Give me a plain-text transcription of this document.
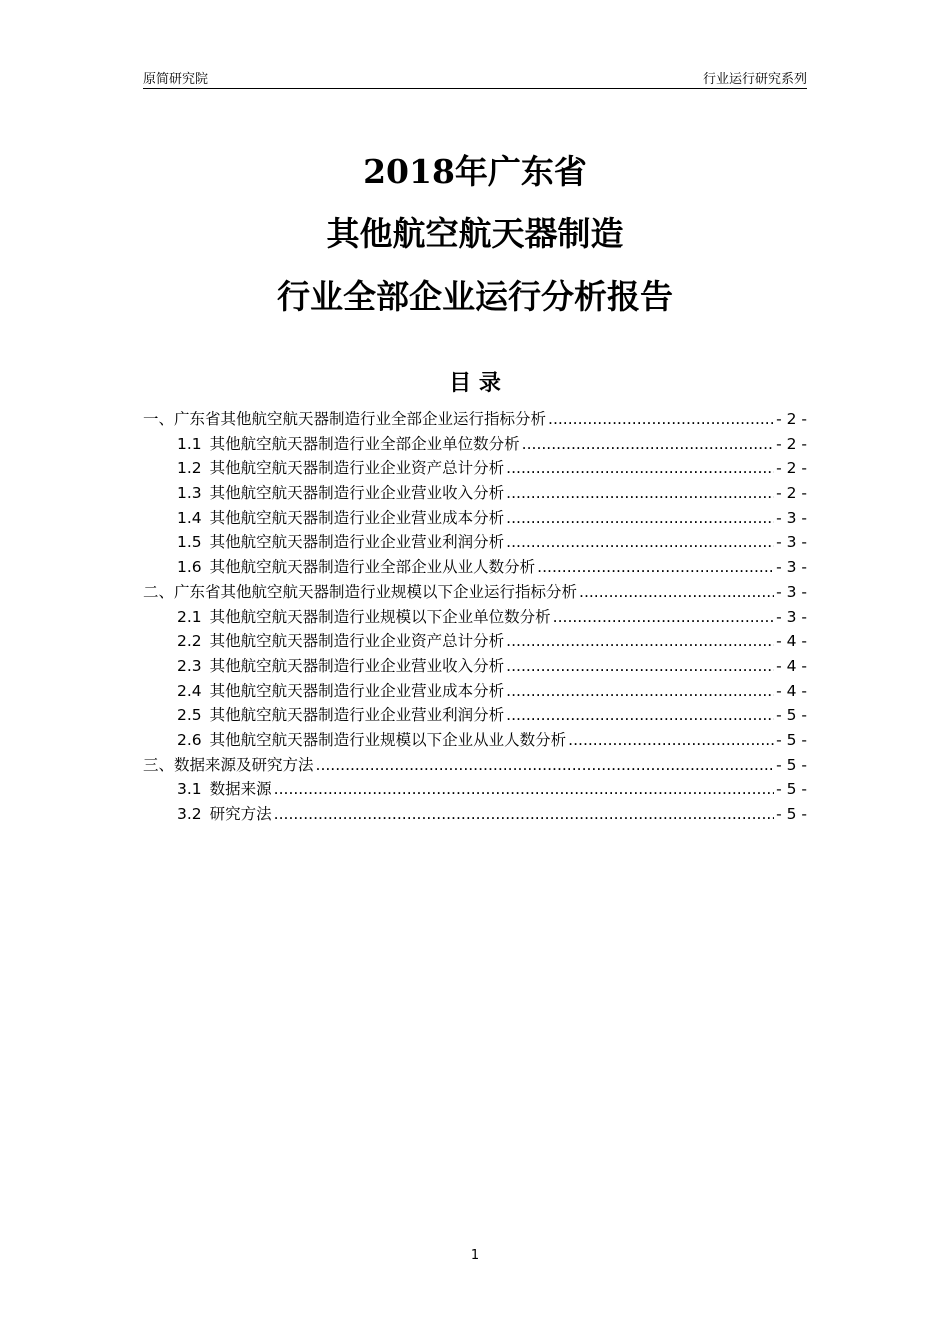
原简研究院	行业运行研究系列
2018年广东省
其他航空航天器制造
行业全部企业运行分析报告
目 录
一、广东省其他航空航天器制造行业全部企业运行指标分析 .....	- 2 -
1.1 其他航空航天器制造行业全部企业单位数分析 .....	- 2 -
1.2 其他航空航天器制造行业企业资产总计分析 .....	- 2 -
1.3 其他航空航天器制造行业企业营业收入分析 .....	- 2 -
1.4 其他航空航天器制造行业企业营业成本分析 .....	- 3 -
1.5 其他航空航天器制造行业企业营业利润分析 .....	- 3 -
1.6 其他航空航天器制造行业全部企业从业人数分析 .....	- 3 -
二、广东省其他航空航天器制造行业规模以下企业运行指标分析 .....	- 3 -
2.1 其他航空航天器制造行业规模以下企业单位数分析 .....	- 3 -
2.2 其他航空航天器制造行业企业资产总计分析 .....	- 4 -
2.3 其他航空航天器制造行业企业营业收入分析 .....	- 4 -
2.4 其他航空航天器制造行业企业营业成本分析 .....	- 4 -
2.5 其他航空航天器制造行业企业营业利润分析 .....	- 5 -
2.6 其他航空航天器制造行业规模以下企业从业人数分析 .....	- 5 -
三、数据来源及研究方法 .....	- 5 -
3.1 数据来源 .....	- 5 -
3.2 研究方法 .....	- 5 -
1
